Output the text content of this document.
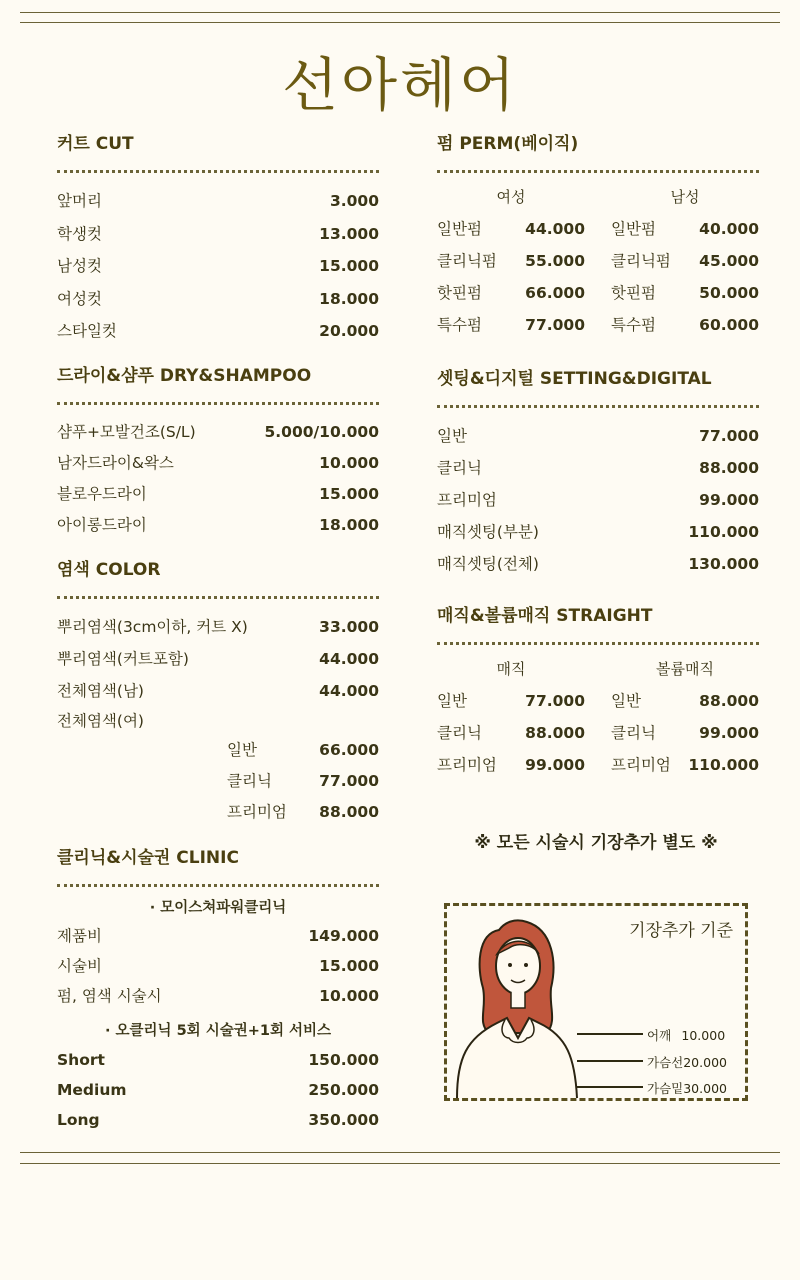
선아헤어
커트 CUT
앞머리	3.000
학생컷	13.000
남성컷	15.000
여성컷	18.000
스타일컷	20.000
드라이&샴푸 DRY&SHAMPOO
샴푸+모발건조(S/L)	5.000/10.000
남자드라이&왁스	10.000
블로우드라이	15.000
아이롱드라이	18.000
염색 COLOR
뿌리염색(3cm이하, 커트 X)	33.000
뿌리염색(커트포함)	44.000
전체염색(남)	44.000
전체염색(여)
일반	66.000
클리닉	77.000
프리미엄 88.000
클리닉&시술권 CLINIC
· 모이스쳐파워클리닉
제품비	149.000
시술비	15.000
펌, 염색 시술시	10.000
· 오클리닉 5회 시술권+1회 서비스
Short	150.000
Medium	250.000
Long	350.000
펌 PERM(베이직)
여성
일반펌	44.000
클리닉펌 55.000
핫핀펌	66.000
특수펌	77.000
남성
일반펌	40.000
클리닉펌 45.000
핫핀펌	50.000
특수펌	60.000
셋팅&디지털 SETTING&DIGITAL
일반	77.000
클리닉	88.000
프리미엄	99.000
매직셋팅(부분)	110.000
매직셋팅(전체)	130.000
매직&볼륨매직 STRAIGHT
매직
일반	77.000
클리닉	88.000
프리미엄 99.000
볼륨매직
일반	88.000
클리닉	99.000
프리미엄 110.000
※ 모든 시술시 기장추가 별도 ※
기장추가 기준
어깨 10.000
가슴선20.000
가슴밑30.000
